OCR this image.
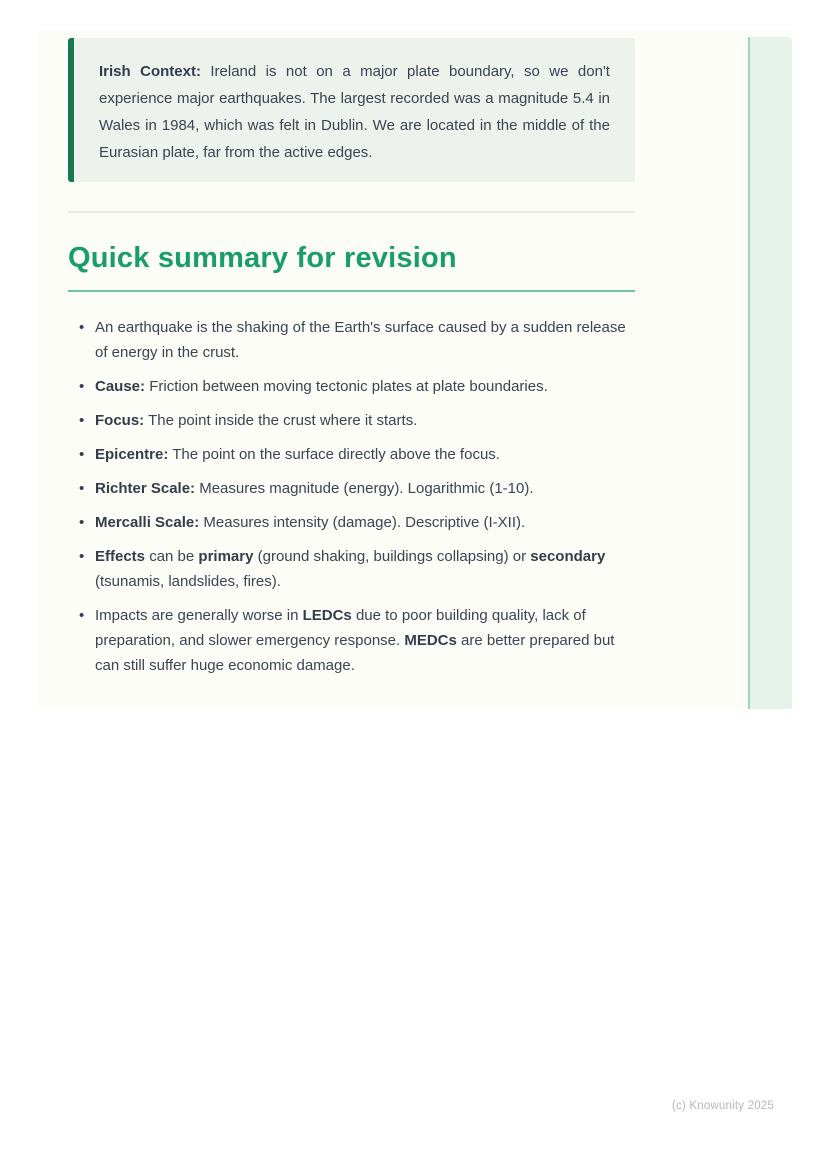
Irish Context: Ireland is not on a major plate boundary, so we don't experience major earthquakes. The largest recorded was a magnitude 5.4 in Wales in 1984, which was felt in Dublin. We are located in the middle of the Eurasian plate, far from the active edges.

Quick summary for revision
• An earthquake is the shaking of the Earth's surface caused by a sudden release of energy in the crust.
• Cause: Friction between moving tectonic plates at plate boundaries.
• Focus: The point inside the crust where it starts.
• Epicentre: The point on the surface directly above the focus.
• Richter Scale: Measures magnitude (energy). Logarithmic (1-10).
• Mercalli Scale: Measures intensity (damage). Descriptive (I-XII).
• Effects can be primary (ground shaking, buildings collapsing) or secondary (tsunamis, landslides, fires).
• Impacts are generally worse in LEDCs due to poor building quality, lack of preparation, and slower emergency response. MEDCs are better prepared but can still suffer huge economic damage.
(c) Knowunity 2025
